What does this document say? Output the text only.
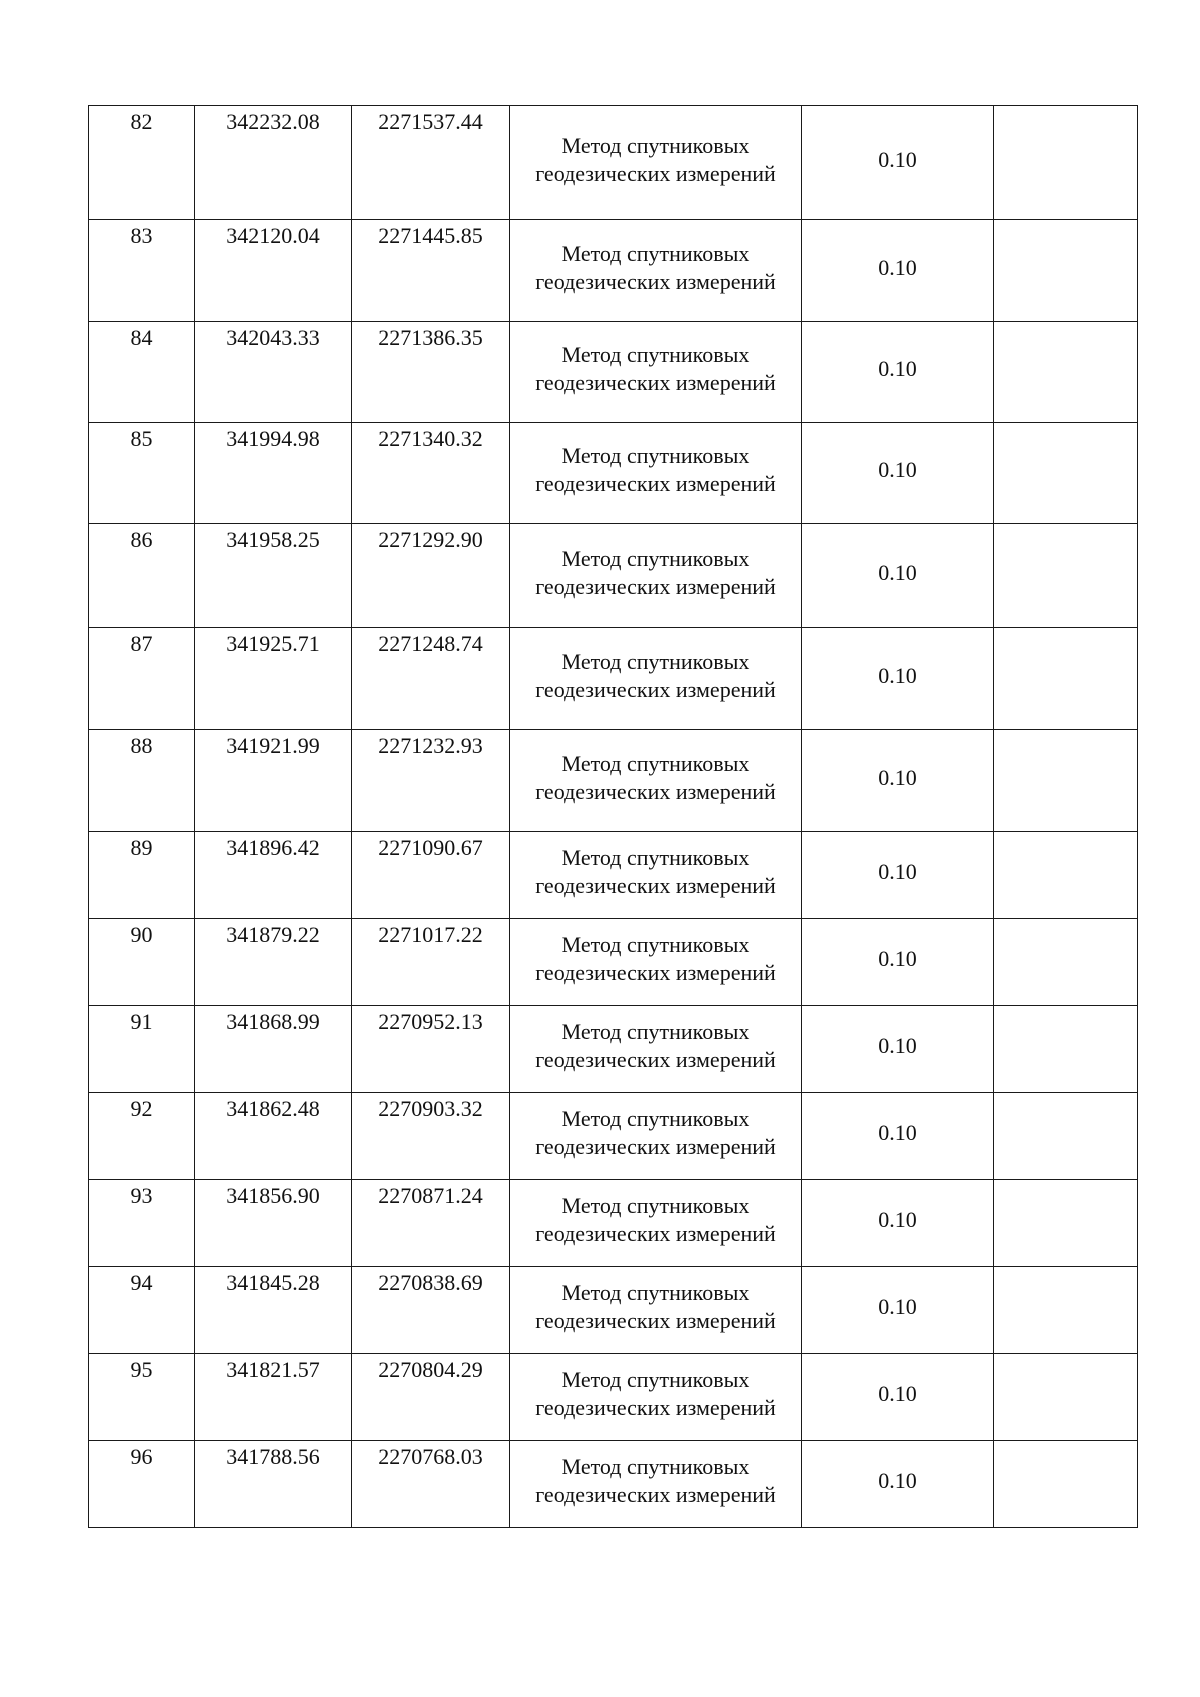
82	342232.08	2271537.44	Метод спутниковых
геодезических измерений	0.10	

83	342120.04	2271445.85	Метод спутниковых
геодезических измерений	0.10	

84	342043.33	2271386.35	Метод спутниковых
геодезических измерений	0.10	

85	341994.98	2271340.32	Метод спутниковых
геодезических измерений	0.10	

86	341958.25	2271292.90	Метод спутниковых
геодезических измерений	0.10	

87	341925.71	2271248.74	Метод спутниковых
геодезических измерений	0.10	

88	341921.99	2271232.93	Метод спутниковых
геодезических измерений	0.10	

89	341896.42	2271090.67	Метод спутниковых
геодезических измерений	0.10	

90	341879.22	2271017.22	Метод спутниковых
геодезических измерений	0.10	

91	341868.99	2270952.13	Метод спутниковых
геодезических измерений	0.10	

92	341862.48	2270903.32	Метод спутниковых
геодезических измерений	0.10	

93	341856.90	2270871.24	Метод спутниковых
геодезических измерений	0.10	

94	341845.28	2270838.69	Метод спутниковых
геодезических измерений	0.10	

95	341821.57	2270804.29	Метод спутниковых
геодезических измерений	0.10	

96	341788.56	2270768.03	Метод спутниковых
геодезических измерений	0.10	
